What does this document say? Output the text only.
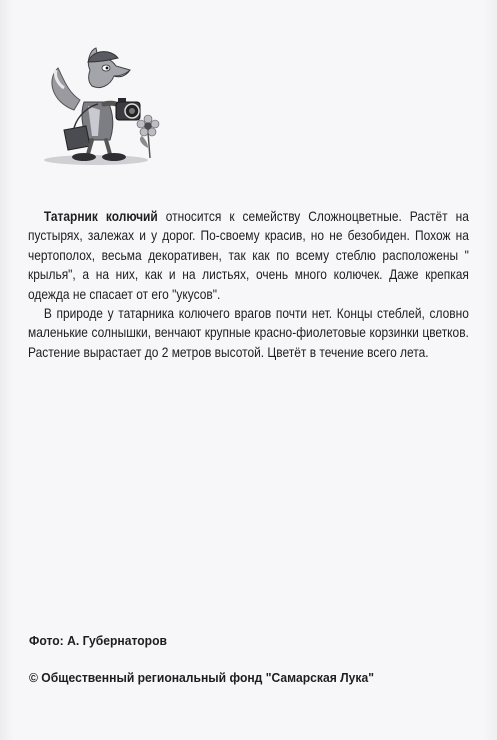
Татарник колючий относится к семейству Сложноцветные. Растёт на пустырях, залежах и у дорог. По-своему красив, но не безобиден. Похож на чертополох, весьма декоративен, так как по всему стеблю расположены " крылья", а на них, как и на листьях, очень много колючек. Даже крепкая одежда не спасает от его "укусов".

В природе у татарника колючего врагов почти нет. Концы стеблей, словно маленькие солнышки, венчают крупные красно-фиолетовые корзинки цветков. Растение вырастает до 2 метров высотой. Цветёт в течение всего лета.

Фото: А. Губернаторов
© Общественный региональный фонд "Самарская Лука"
